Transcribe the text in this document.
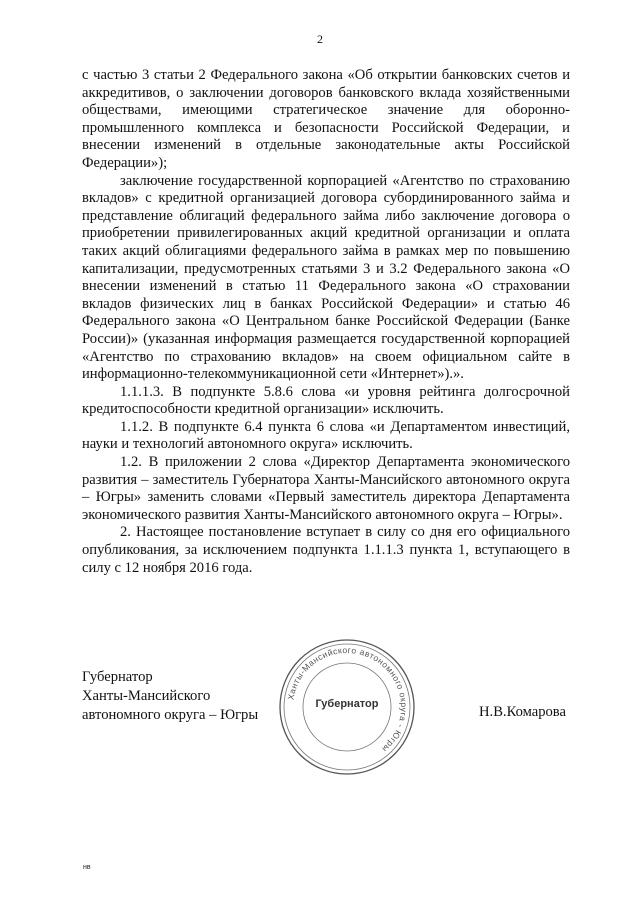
2

с частью 3 статьи 2 Федерального закона «Об открытии банковских счетов и аккредитивов, о заключении договоров банковского вклада хозяйственными обществами, имеющими стратегическое значение для оборонно-промышленного комплекса и безопасности Российской Федерации, и внесении изменений в отдельные законодательные акты Российской Федерации»);

заключение государственной корпорацией «Агентство по страхованию вкладов» с кредитной организацией договора субординированного займа и представление облигаций федерального займа либо заключение договора о приобретении привилегированных акций кредитной организации и оплата таких акций облигациями федерального займа в рамках мер по повышению капитализации, предусмотренных статьями 3 и 3.2 Федерального закона «О внесении изменений в статью 11 Федерального закона «О страховании вкладов физических лиц в банках Российской Федерации» и статью 46 Федерального закона «О Центральном банке Российской Федерации (Банке России)» (указанная информация размещается государственной корпорацией «Агентство по страхованию вкладов» на своем официальном сайте в информационно-телекоммуникационной сети «Интернет»).».

1.1.1.3. В подпункте 5.8.6 слова «и уровня рейтинга долгосрочной кредитоспособности кредитной организации» исключить.

1.1.2. В подпункте 6.4 пункта 6 слова «и Департаментом инвестиций, науки и технологий автономного округа» исключить.

1.2. В приложении 2 слова «Директор Департамента экономического развития – заместитель Губернатора Ханты-Мансийского автономного округа – Югры» заменить словами «Первый заместитель директора Департамента экономического развития Ханты-Мансийского автономного округа – Югры».

2. Настоящее постановление вступает в силу со дня его официального опубликования, за исключением подпункта 1.1.1.3 пункта 1, вступающего в силу с 12 ноября 2016 года.

Губернатор
Ханты-Мансийского
автономного округа – Югры
Ханты-Мансийского автономного округа - Югры
Губернатор	Н.В.Комарова
нв
